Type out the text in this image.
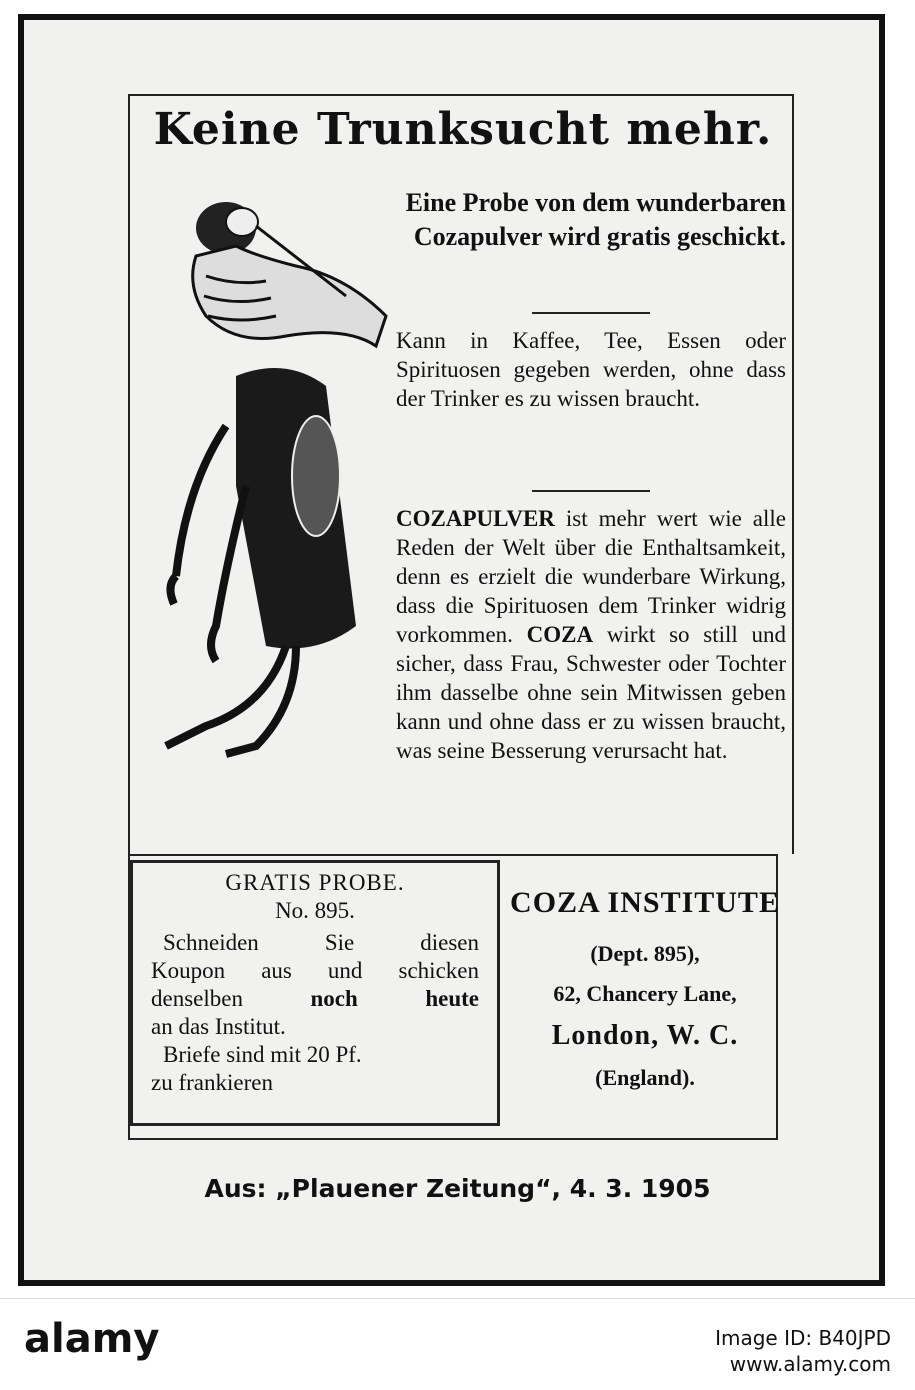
Keine Trunksucht mehr.
Eine Probe von dem wunderbaren Cozapulver wird gratis geschickt.
Kann in Kaffee, Tee, Essen oder Spirituosen gegeben werden, ohne dass der Trinker es zu wissen braucht.
COZAPULVER ist mehr wert wie alle Reden der Welt über die Enthaltsamkeit, denn es erzielt die wunderbare Wirkung, dass die Spirituosen dem Trinker widrig vorkommen. COZA wirkt so still und sicher, dass Frau, Schwester oder Tochter ihm dasselbe ohne sein Mitwissen geben kann und ohne dass er zu wissen braucht, was seine Besserung verursacht hat.
GRATIS PROBE.
No. 895.
Schneiden Sie diesen
Koupon aus und schicken
denselben	noch heute
an das Institut.
Briefe sind mit 20 Pf.
zu frankieren
COZA INSTITUTE
(Dept. 895),
62, Chancery Lane,
London, W. C.
(England).
Aus: „Plauener Zeitung“, 4. 3. 1905
alamy	Image ID: B40JPD
www.alamy.com
